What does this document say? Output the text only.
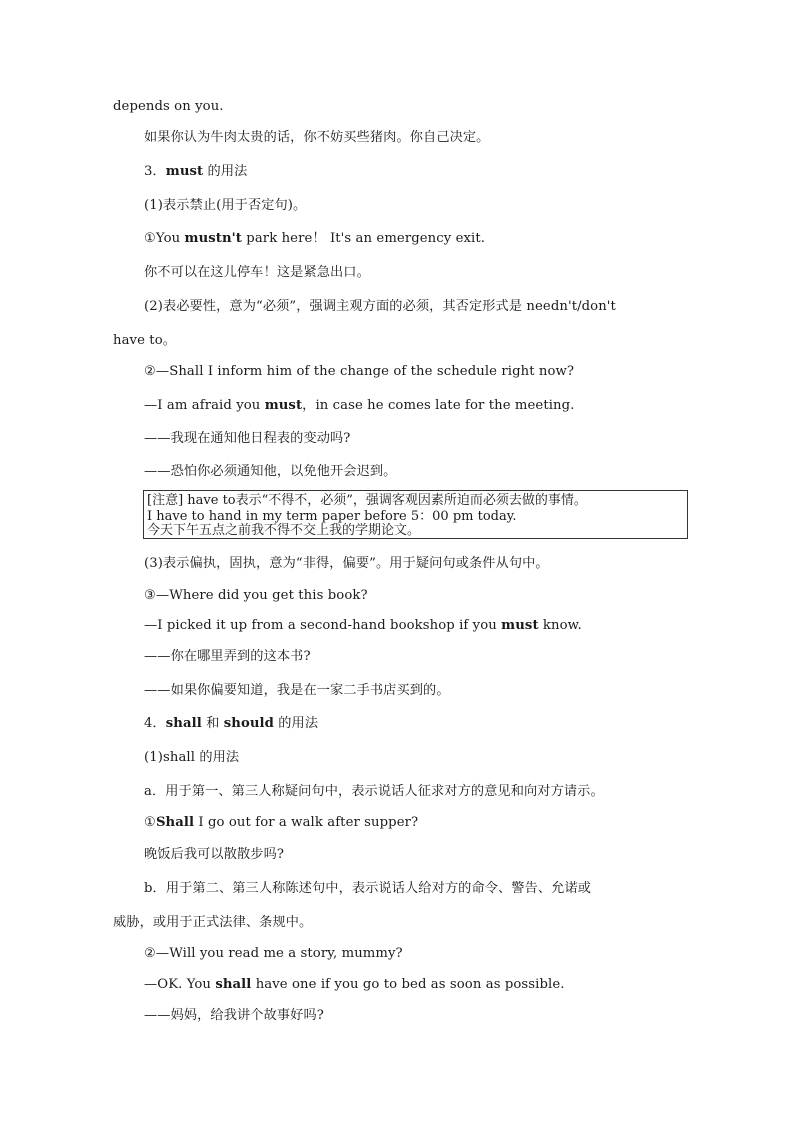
depends on you.
如果你认为牛肉太贵的话，你不妨买些猪肉。你自己决定。
3．must 的用法
(1)表示禁止(用于否定句)。
①You mustn't park here！ It's an emergency exit.
你不可以在这儿停车！这是紧急出口。
(2)表必要性，意为“必须”，强调主观方面的必须，其否定形式是 needn't/don't
have to。
②—Shall I inform him of the change of the schedule right now?
—I am afraid you must，in case he comes late for the meeting.
——我现在通知他日程表的变动吗?
——恐怕你必须通知他，以免他开会迟到。
[注意] have to表示“不得不，必须”，强调客观因素所迫而必须去做的事情。
I have to hand in my term paper before 5：00 pm today.
今天下午五点之前我不得不交上我的学期论文。
(3)表示偏执，固执，意为“非得，偏要”。用于疑问句或条件从句中。
③—Where did you get this book?
—I picked it up from a second-hand bookshop if you must know.
——你在哪里弄到的这本书?
——如果你偏要知道，我是在一家二手书店买到的。
4．shall 和 should 的用法
(1)shall 的用法
a．用于第一、第三人称疑问句中，表示说话人征求对方的意见和向对方请示。
①Shall I go out for a walk after supper?
晚饭后我可以散散步吗?
b．用于第二、第三人称陈述句中，表示说话人给对方的命令、警告、允诺或
威胁，或用于正式法律、条规中。
②—Will you read me a story, mummy?
—OK. You shall have one if you go to bed as soon as possible.
——妈妈，给我讲个故事好吗?
